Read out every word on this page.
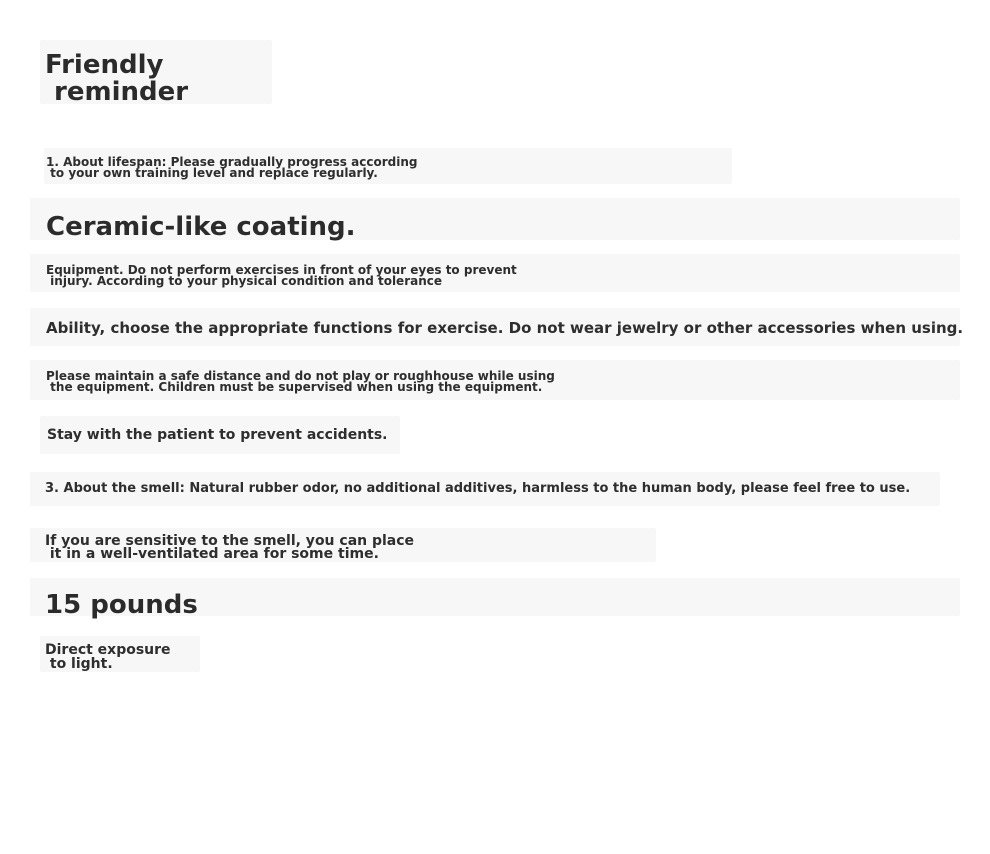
Friendly
reminder
1. About lifespan: Please gradually progress according
to your own training level and replace regularly.
Ceramic-like coating.
Equipment. Do not perform exercises in front of your eyes to prevent
injury. According to your physical condition and tolerance
Ability, choose the appropriate functions for exercise. Do not wear jewelry or other accessories when using.
Please maintain a safe distance and do not play or roughhouse while using
the equipment. Children must be supervised when using the equipment.
Stay with the patient to prevent accidents.
3. About the smell: Natural rubber odor, no additional additives, harmless to the human body, please feel free to use.
If you are sensitive to the smell, you can place
it in a well-ventilated area for some time.
15 pounds
Direct exposure
to light.
